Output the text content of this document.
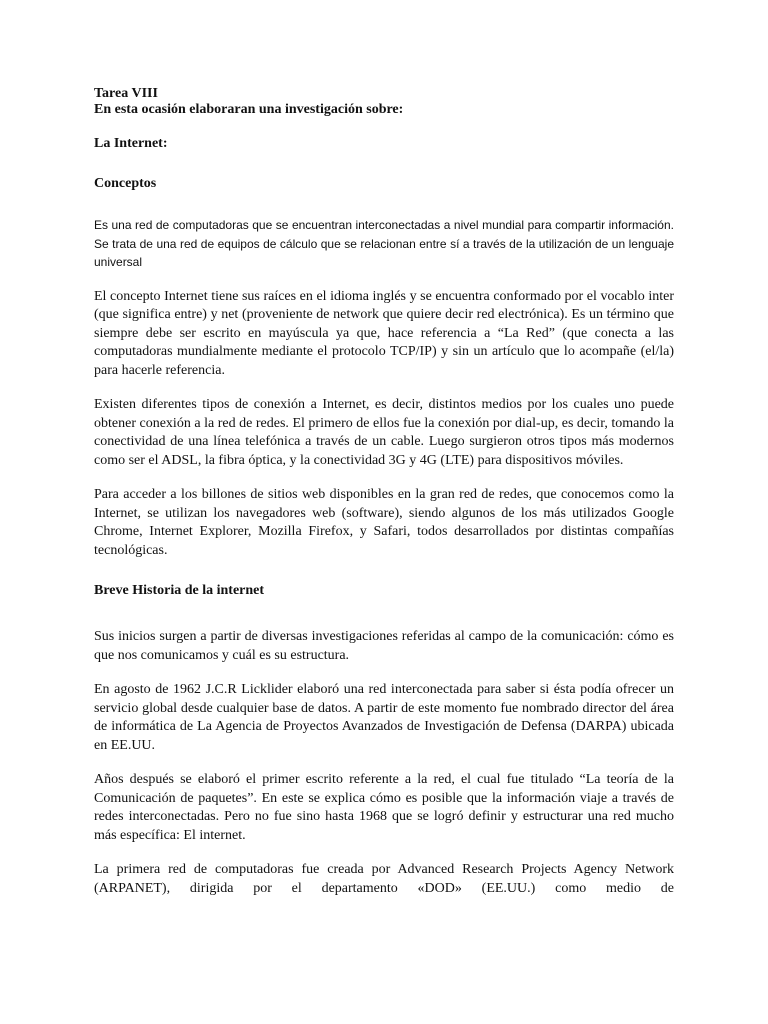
Tarea VIII

En esta ocasión elaboraran una investigación sobre:

La Internet:

Conceptos

Es una red de computadoras que se encuentran interconectadas a nivel mundial para compartir información. Se trata de una red de equipos de cálculo que se relacionan entre sí a través de la utilización de un lenguaje universal

El concepto Internet tiene sus raíces en el idioma inglés y se encuentra conformado por el vocablo inter (que significa entre) y net (proveniente de network que quiere decir red electrónica). Es un término que siempre debe ser escrito en mayúscula ya que, hace referencia a “La Red” (que conecta a las computadoras mundialmente mediante el protocolo TCP/IP) y sin un artículo que lo acompañe (el/la) para hacerle referencia.

Existen diferentes tipos de conexión a Internet, es decir, distintos medios por los cuales uno puede obtener conexión a la red de redes. El primero de ellos fue la conexión por dial-up, es decir, tomando la conectividad de una línea telefónica a través de un cable. Luego surgieron otros tipos más modernos como ser el ADSL, la fibra óptica, y la conectividad 3G y 4G (LTE) para dispositivos móviles.

Para acceder a los billones de sitios web disponibles en la gran red de redes, que conocemos como la Internet, se utilizan los navegadores web (software), siendo algunos de los más utilizados Google Chrome, Internet Explorer, Mozilla Firefox, y Safari, todos desarrollados por distintas compañías tecnológicas.

Breve Historia de la internet

Sus inicios surgen a partir de diversas investigaciones referidas al campo de la comunicación: cómo es que nos comunicamos y cuál es su estructura.

En agosto de 1962 J.C.R Licklider elaboró una red interconectada para saber si ésta podía ofrecer un servicio global desde cualquier base de datos. A partir de este momento fue nombrado director del área de informática de La Agencia de Proyectos Avanzados de Investigación de Defensa (DARPA) ubicada en EE.UU.

Años después se elaboró el primer escrito referente a la red, el cual fue titulado “La teoría de la Comunicación de paquetes”. En este se explica cómo es posible que la información viaje a través de redes interconectadas. Pero no fue sino hasta 1968 que se logró definir y estructurar una red mucho más específica: El internet.

La primera red de computadoras fue creada por Advanced Research Projects Agency Network (ARPANET), dirigida por el departamento «DOD» (EE.UU.) como medio de
